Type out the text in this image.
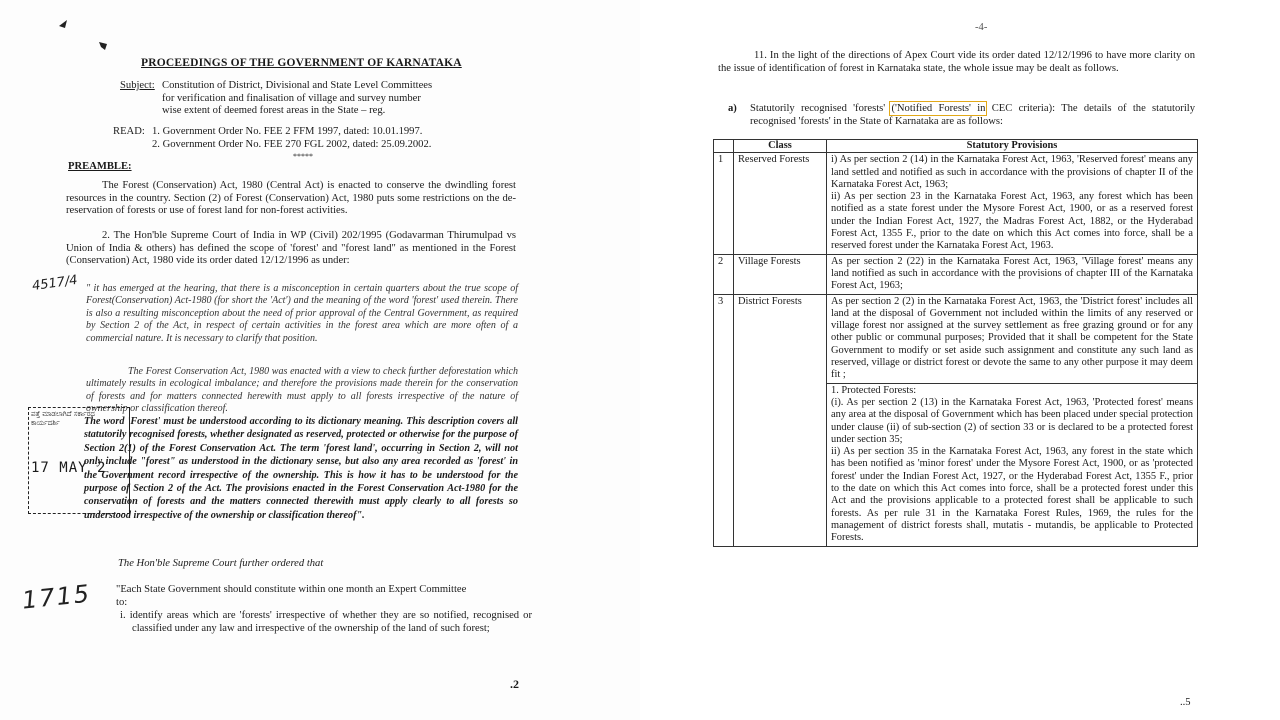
PROCEEDINGS OF THE GOVERNMENT OF KARNATAKA
Subject: Constitution of District, Divisional and State Level Committees
for verification and finalisation of village and survey number
wise extent of deemed forest areas in the State – reg.
READ: 1. Government Order No. FEE 2 FFM 1997, dated: 10.01.1997.
2. Government Order No. FEE 270 FGL 2002, dated: 25.09.2002.
*****
PREAMBLE:

The Forest (Conservation) Act, 1980 (Central Act) is enacted to conserve the dwindling forest resources in the country. Section (2) of Forest (Conservation) Act, 1980 puts some restrictions on the de-reservation of forests or use of forest land for non-forest activities.

2. The Hon'ble Supreme Court of India in WP (Civil) 202/1995 (Godavarman Thirumulpad vs Union of India & others) has defined the scope of 'forest' and "forest land" as mentioned in the Forest (Conservation) Act, 1980 vide its order dated 12/12/1996 as under:

" it has emerged at the hearing, that there is a misconception in certain quarters about the true scope of Forest(Conservation) Act-1980 (for short the 'Act') and the meaning of the word 'forest' used therein. There is also a resulting misconception about the need of prior approval of the Central Government, as required by Section 2 of the Act, in respect of certain activities in the forest area which are more often of a commercial nature. It is necessary to clarify that position.

The Forest Conservation Act, 1980 was enacted with a view to check further deforestation which ultimately results in ecological imbalance; and therefore the provisions made therein for the conservation of forests and for matters connected herewith must apply to all forests irrespective of the nature of ownership or classification thereof.

The word 'Forest' must be understood according to its dictionary meaning. This description covers all statutorily recognised forests, whether designated as reserved, protected or otherwise for the purpose of Section 2(1) of the Forest Conservation Act. The term 'forest land', occurring in Section 2, will not only include "forest" as understood in the dictionary sense, but also any area recorded as 'forest' in the Government record irrespective of the ownership. This is how it has to be understood for the purpose of Section 2 of the Act. The provisions enacted in the Forest Conservation Act-1980 for the conservation of forests and the matters connected therewith must apply clearly to all forests so understood irrespective of the ownership or classification thereof".

The Hon'ble Supreme Court further ordered that

"Each State Government should constitute within one month an Expert Committee to:

i. identify areas which are 'forests' irrespective of whether they are so notified, recognised or classified under any law and irrespective of the ownership of the land of such forest;

.2
4517/4
1715
ಪತ್ತೆ ಮಾಡಲಾಗಿದೆ ಸರ್ಕಾರದ ಕಾರ್ಯದರ್ಶಿ
17 MAY 2
-4-

11. In the light of the directions of Apex Court vide its order dated 12/12/1996 to have more clarity on the issue of identification of forest in Karnataka state, the whole issue may be dealt as follows.

a) Statutorily recognised 'forests' ('Notified Forests' in CEC criteria): The details of the statutorily recognised 'forests' in the State of Karnataka are as follows:

	Class	Statutory Provisions
1	Reserved Forests	i) As per section 2 (14) in the Karnataka Forest Act, 1963, 'Reserved forest' means any land settled and notified as such in accordance with the provisions of chapter II of the Karnataka Forest Act, 1963;
ii) As per section 23 in the Karnataka Forest Act, 1963, any forest which has been notified as a state forest under the Mysore Forest Act, 1900, or as a reserved forest under the Indian Forest Act, 1927, the Madras Forest Act, 1882, or the Hyderabad Forest Act, 1355 F., prior to the date on which this Act comes into force, shall be a reserved forest under the Karnataka Forest Act, 1963.

2	Village Forests	As per section 2 (22) in the Karnataka Forest Act, 1963, 'Village forest' means any land notified as such in accordance with the provisions of chapter III of the Karnataka Forest Act, 1963;

3	District Forests	As per section 2 (2) in the Karnataka Forest Act, 1963, the 'District forest' includes all land at the disposal of Government not included within the limits of any reserved or village forest nor assigned at the survey settlement as free grazing ground or for any other public or communal purposes; Provided that it shall be competent for the State Government to modify or set aside such assignment and constitute any such land as reserved, village or district forest or devote the same to any other purpose it may deem fit ;

		1. Protected Forests:
(i). As per section 2 (13) in the Karnataka Forest Act, 1963, 'Protected forest' means any area at the disposal of Government which has been placed under special protection under clause (ii) of sub-section (2) of section 33 or is declared to be a protected forest under section 35;
ii) As per section 35 in the Karnataka Forest Act, 1963, any forest in the state which has been notified as 'minor forest' under the Mysore Forest Act, 1900, or as 'protected forest' under the Indian Forest Act, 1927, or the Hyderabad Forest Act, 1355 F., prior to the date on which this Act comes into force, shall be a protected forest under this Act and the provisions applicable to a protected forest shall be applicable to such forests. As per rule 31 in the Karnataka Forest Rules, 1969, the rules for the management of district forests shall, mutatis - mutandis, be applicable to Protected Forests.
..5
